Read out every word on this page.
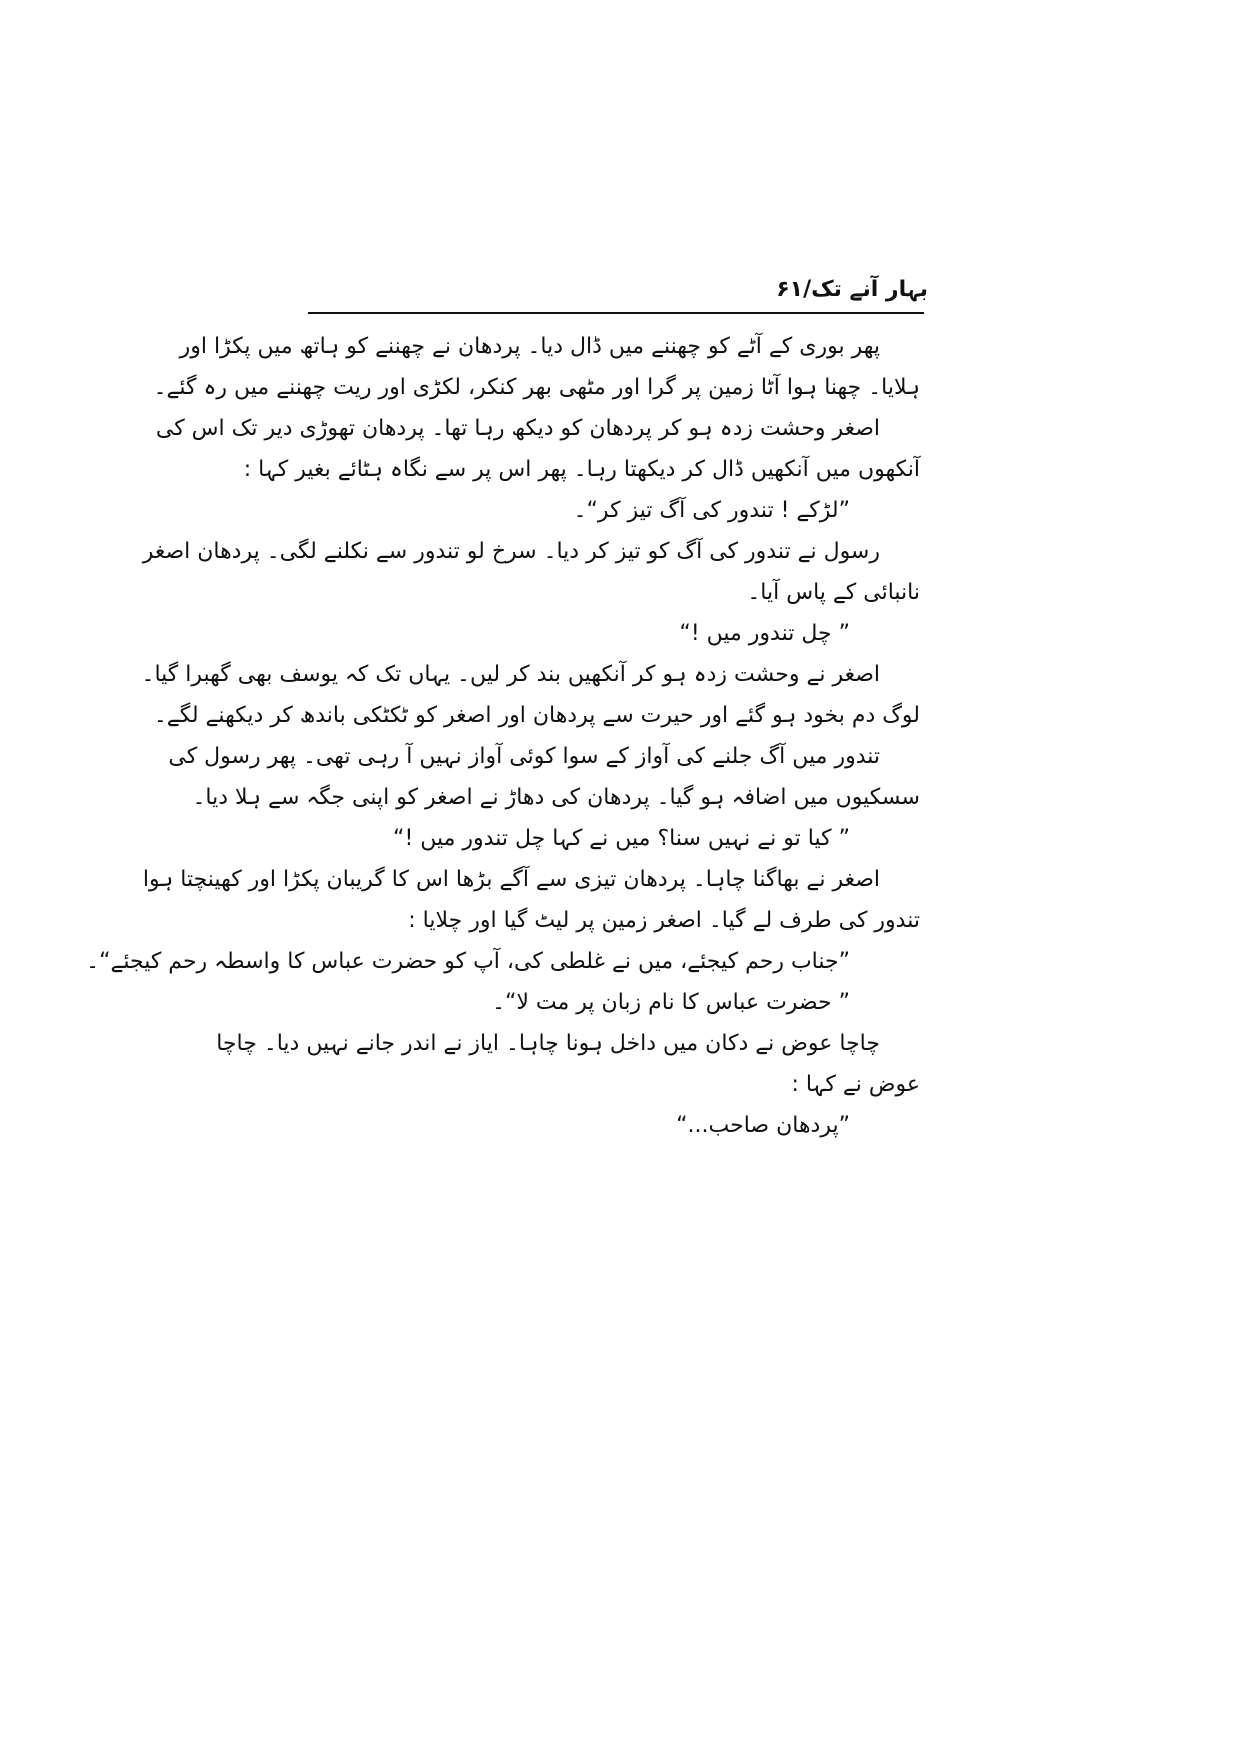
بہار آنے تک/۶۱
پھر بوری کے آٹے کو چھننے میں ڈال دیا۔ پردھان نے چھننے کو ہاتھ میں پکڑا اور
ہلایا۔ چھنا ہوا آٹا زمین پر گرا اور مٹھی بھر کنکر، لکڑی اور ریت چھننے میں رہ گئے۔
اصغر وحشت زدہ ہو کر پردھان کو دیکھ رہا تھا۔ پردھان تھوڑی دیر تک اس کی
آنکھوں میں آنکھیں ڈال کر دیکھتا رہا۔ پھر اس پر سے نگاہ ہٹائے بغیر کہا :
”لڑکے ! تندور کی آگ تیز کر“۔
رسول نے تندور کی آگ کو تیز کر دیا۔ سرخ لو تندور سے نکلنے لگی۔ پردھان اصغر
نانبائی کے پاس آیا۔
” چل تندور میں !“
اصغر نے وحشت زدہ ہو کر آنکھیں بند کر لیں۔ یہاں تک کہ یوسف بھی گھبرا گیا۔
لوگ دم بخود ہو گئے اور حیرت سے پردھان اور اصغر کو ٹکٹکی باندھ کر دیکھنے لگے۔
تندور میں آگ جلنے کی آواز کے سوا کوئی آواز نہیں آ رہی تھی۔ پھر رسول کی
سسکیوں میں اضافہ ہو گیا۔ پردھان کی دھاڑ نے اصغر کو اپنی جگہ سے ہلا دیا۔
” کیا تو نے نہیں سنا؟ میں نے کہا چل تندور میں !“
اصغر نے بھاگنا چاہا۔ پردھان تیزی سے آگے بڑھا اس کا گریبان پکڑا اور کھینچتا ہوا
تندور کی طرف لے گیا۔ اصغر زمین پر لیٹ گیا اور چلایا :
”جناب رحم کیجئے، میں نے غلطی کی، آپ کو حضرت عباس کا واسطہ رحم کیجئے“۔
” حضرت عباس کا نام زبان پر مت لا“۔
چاچا عوض نے دکان میں داخل ہونا چاہا۔ ایاز نے اندر جانے نہیں دیا۔ چاچا
عوض نے کہا :
”پردھان صاحب...“
